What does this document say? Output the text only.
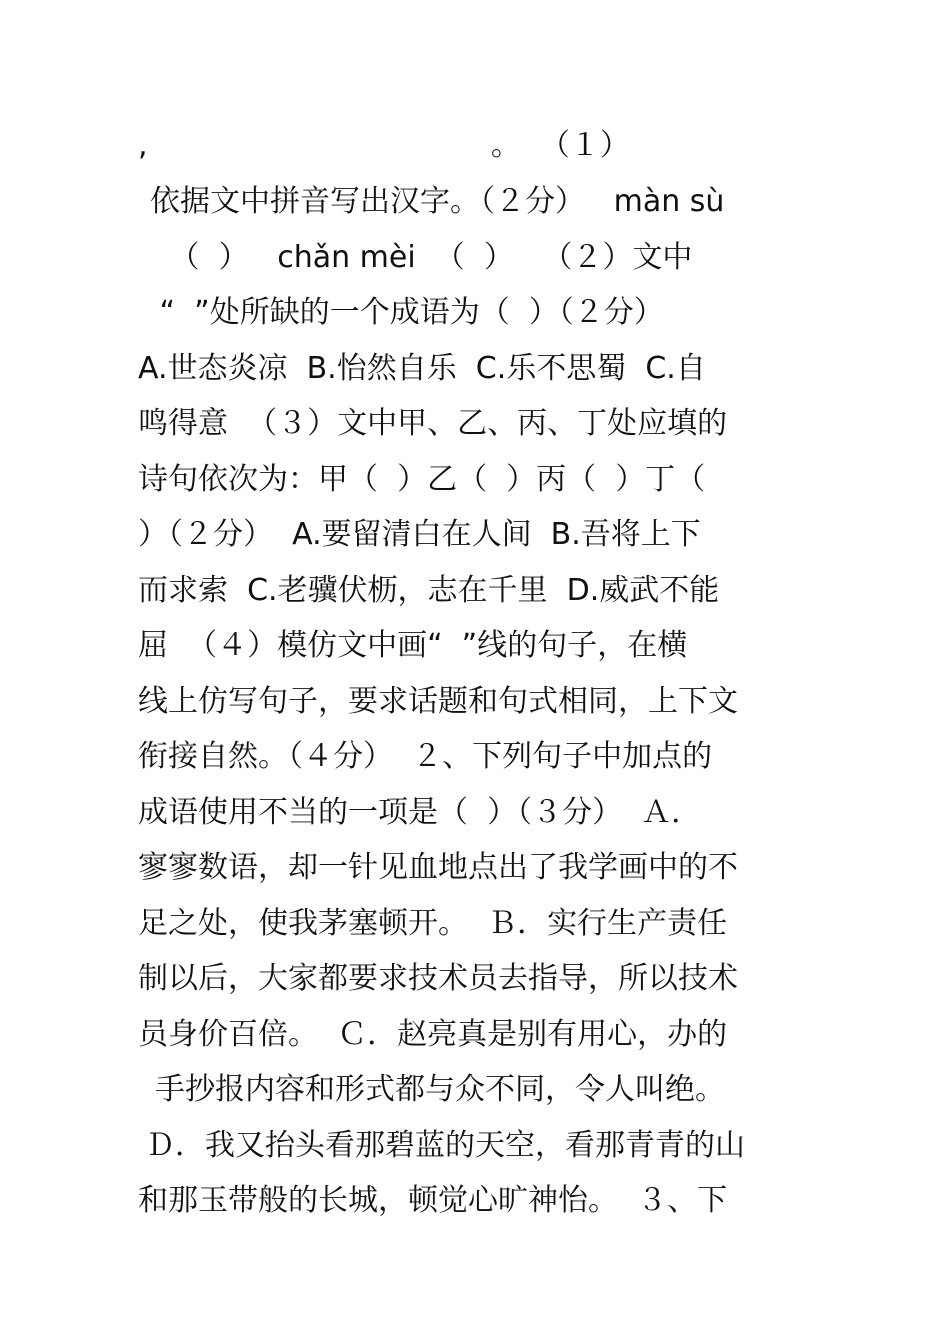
,                                    。  （１）
依据文中拼音写出汉字。（２分）   màn sù
（  ）   chǎn mèi  （  ）   （２）文中
“  ”处所缺的一个成语为（  ）（２分）
A.世态炎凉  B.怡然自乐  C.乐不思蜀  C.自
鸣得意  （３）文中甲、乙、丙、丁处应填的
诗句依次为：甲（  ）乙（  ）丙（  ）丁（
）（２分）  A.要留清白在人间  B.吾将上下
而求索  C.老骥伏枥，志在千里  D.威武不能
屈  （４）模仿文中画“  ”线的句子，在横
线上仿写句子，要求话题和句式相同，上下文
衔接自然。（４分）  ２、下列句子中加点的
成语使用不当的一项是（  ）（３分）  Ａ．
寥寥数语，却一针见血地点出了我学画中的不
足之处，使我茅塞顿开。  Ｂ．实行生产责任
制以后，大家都要求技术员去指导，所以技术
员身价百倍。  Ｃ．赵亮真是别有用心，办的
手抄报内容和形式都与众不同，令人叫绝。
Ｄ．我又抬头看那碧蓝的天空，看那青青的山
和那玉带般的长城，顿觉心旷神怡。  ３、下
